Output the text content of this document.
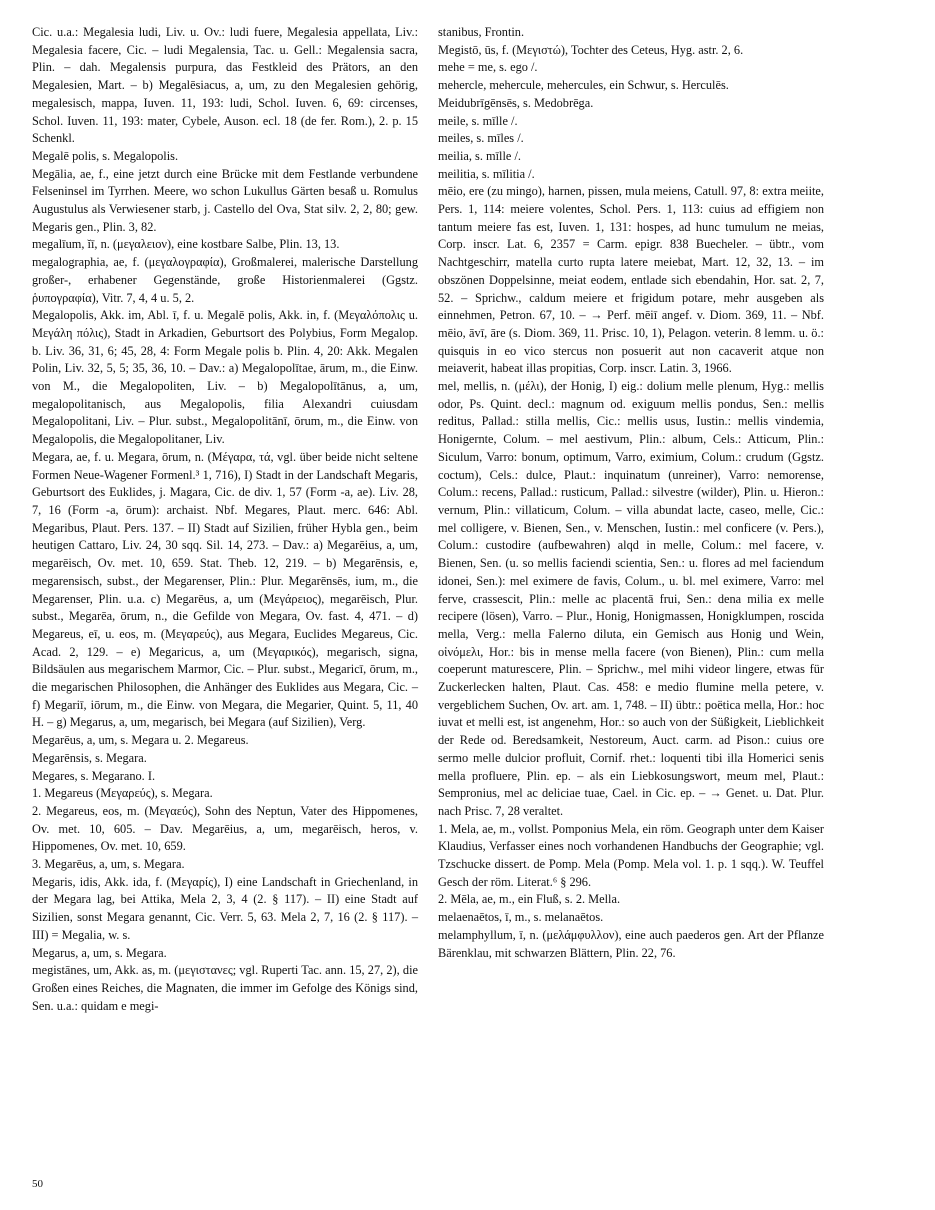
Cic. u.a.: Megalesia ludi, Liv. u. Ov.: ludi fuere, Megalesia appellata, Liv.: Megalesia facere, Cic. – ludi Megalensia, Tac. u. Gell.: Megalensia sacra, Plin. – dah. Megalensis purpura, das Festkleid des Prätors, an den Megalesien, Mart. – b) Megalēsiacus, a, um, zu den Megalesien gehörig, megalesisch, mappa, Iuven. 11, 193: ludi, Schol. Iuven. 6, 69: circenses, Schol. Iuven. 11, 193: mater, Cybele, Auson. ecl. 18 (de fer. Rom.), 2. p. 15 Schenkl.

Megalē polis, s. Megalopolis.

Megālia, ae, f., eine jetzt durch eine Brücke mit dem Festlande verbundene Felseninsel im Tyrrhen. Meere, wo schon Lukullus Gärten besaß u. Romulus Augustulus als Verwiesener starb, j. Castello del Ova, Stat silv. 2, 2, 80; gew. Megaris gen., Plin. 3, 82.

megalīum, ĭī, n. (μεγαλειον), eine kostbare Salbe, Plin. 13, 13.

megalographia, ae, f. (μεγαλογραφία), Großmalerei, malerische Darstellung großer-, erhabener Gegenstände, große Historienmalerei (Ggstz. ῥυπογραφία), Vitr. 7, 4, 4 u. 5, 2.

Megalopolis, Akk. im, Abl. ī, f. u. Megalē polis, Akk. in, f. (Μεγαλόπολις u. Μεγάλη πόλις), Stadt in Arkadien, Geburtsort des Polybius, Form Megalop. b. Liv. 36, 31, 6; 45, 28, 4: Form Megale polis b. Plin. 4, 20: Akk. Megalen Polin, Liv. 32, 5, 5; 35, 36, 10. – Dav.: a) Megalopolītae, ārum, m., die Einw. von M., die Megalopoliten, Liv. – b) Megalopolītānus, a, um, megalopolitanisch, aus Megalopolis, filia Alexandri cuiusdam Megalopolitani, Liv. – Plur. subst., Megalopolitānī, ōrum, m., die Einw. von Megalopolis, die Megalopolitaner, Liv.

Megara, ae, f. u. Megara, ōrum, n. (Μέγαρα, τά, vgl. über beide nicht seltene Formen Neue-Wagener Formenl.³ 1, 716), I) Stadt in der Landschaft Megaris, Geburtsort des Euklides, j. Magara, Cic. de div. 1, 57 (Form -a, ae). Liv. 28, 7, 16 (Form -a, ōrum): archaist. Nbf. Megares, Plaut. merc. 646: Abl. Megaribus, Plaut. Pers. 137. – II) Stadt auf Sizilien, früher Hybla gen., beim heutigen Cattaro, Liv. 24, 30 sqq. Sil. 14, 273. – Dav.: a) Megarēius, a, um, megarēisch, Ov. met. 10, 659. Stat. Theb. 12, 219. – b) Megarēnsis, e, megarensisch, subst., der Megarenser, Plin.: Plur. Megarēnsēs, ium, m., die Megarenser, Plin. u.a. c) Megarēus, a, um (Μεγάρειος), megarēisch, Plur. subst., Megarēa, ōrum, n., die Gefilde von Megara, Ov. fast. 4, 471. – d) Megareus, eī, u. eos, m. (Μεγαρεύς), aus Megara, Euclides Megareus, Cic. Acad. 2, 129. – e) Megaricus, a, um (Μεγαρικός), megarisch, signa, Bildsäulen aus megarischem Marmor, Cic. – Plur. subst., Megaricī, ōrum, m., die megarischen Philosophen, die Anhänger des Euklides aus Megara, Cic. – f) Megariī, iōrum, m., die Einw. von Megara, die Megarier, Quint. 5, 11, 40 H. – g) Megarus, a, um, megarisch, bei Megara (auf Sizilien), Verg.

Megarēus, a, um, s. Megara u. 2. Megareus.

Megarēnsis, s. Megara.

Megares, s. Megarano. I.

1. Megareus (Μεγαρεύς), s. Megara.

2. Megareus, eos, m. (Μεγαεύς), Sohn des Neptun, Vater des Hippomenes, Ov. met. 10, 605. – Dav. Megarēius, a, um, megarēisch, heros, v. Hippomenes, Ov. met. 10, 659.

3. Megarēus, a, um, s. Megara.

Megaris, idis, Akk. ida, f. (Μεγαρίς), I) eine Landschaft in Griechenland, in der Megara lag, bei Attika, Mela 2, 3, 4 (2. § 117). – II) eine Stadt auf Sizilien, sonst Megara genannt, Cic. Verr. 5, 63. Mela 2, 7, 16 (2. § 117). – III) = Megalia, w. s.

Megarus, a, um, s. Megara.

megistānes, um, Akk. as, m. (μεγιστανες; vgl. Ruperti Tac. ann. 15, 27, 2), die Großen eines Reiches, die Magnaten, die immer im Gefolge des Königs sind, Sen. u.a.: quidam e megi-

stanibus, Frontin.

Megistō, ūs, f. (Μεγιστώ), Tochter des Ceteus, Hyg. astr. 2, 6.

mehe = me, s. ego /.

mehercle, mehercule, mehercules, ein Schwur, s. Herculēs.

Meidubrīgēnsēs, s. Medobrēga.

meile, s. mīlle /.

meiles, s. mīles /.

meilia, s. mīlle /.

meilitia, s. mīlitia /.

mēio, ere (zu mingo), harnen, pissen, mula meiens, Catull. 97, 8: extra meiite, Pers. 1, 114: meiere volentes, Schol. Pers. 1, 113: cuius ad effigiem non tantum meiere fas est, Iuven. 1, 131: hospes, ad hunc tumulum ne meias, Corp. inscr. Lat. 6, 2357 = Carm. epigr. 838 Buecheler. – übtr., vom Nachtgeschirr, matella curto rupta latere meiebat, Mart. 12, 32, 13. – im obszönen Doppelsinne, meiat eodem, entlade sich ebendahin, Hor. sat. 2, 7, 52. – Sprichw., caldum meiere et frigidum potare, mehr ausgeben als einnehmen, Petron. 67, 10. – → Perf. mēiī angef. v. Diom. 369, 11. – Nbf. mēio, āvī, āre (s. Diom. 369, 11. Prisc. 10, 1), Pelagon. veterin. 8 lemm. u. ö.: quisquis in eo vico stercus non posuerit aut non cacaverit atque non meiaverit, habeat illas propitias, Corp. inscr. Latin. 3, 1966.

mel, mellis, n. (μέλι), der Honig, I) eig.: dolium melle plenum, Hyg.: mellis odor, Ps. Quint. decl.: magnum od. exiguum mellis pondus, Sen.: mellis reditus, Pallad.: stilla mellis, Cic.: mellis usus, Iustin.: mellis vindemia, Honigernte, Colum. – mel aestivum, Plin.: album, Cels.: Atticum, Plin.: Siculum, Varro: bonum, optimum, Varro, eximium, Colum.: crudum (Ggstz. coctum), Cels.: dulce, Plaut.: inquinatum (unreiner), Varro: nemorense, Colum.: recens, Pallad.: rusticum, Pallad.: silvestre (wilder), Plin. u. Hieron.: vernum, Plin.: villaticum, Colum. – villa abundat lacte, caseo, melle, Cic.: mel colligere, v. Bienen, Sen., v. Menschen, Iustin.: mel conficere (v. Pers.), Colum.: custodire (aufbewahren) alqd in melle, Colum.: mel facere, v. Bienen, Sen. (u. so mellis faciendi scientia, Sen.: u. flores ad mel faciendum idonei, Sen.): mel eximere de favis, Colum., u. bl. mel eximere, Varro: mel ferve, crassescit, Plin.: melle ac placentā frui, Sen.: dena milia ex melle recipere (lösen), Varro. – Plur., Honig, Honigmassen, Honigklumpen, roscida mella, Verg.: mella Falerno diluta, ein Gemisch aus Honig und Wein, οἰνόμελι, Hor.: bis in mense mella facere (von Bienen), Plin.: cum mella coeperunt maturescere, Plin. – Sprichw., mel mihi videor lingere, etwas für Zuckerlecken halten, Plaut. Cas. 458: e medio flumine mella petere, v. vergeblichem Suchen, Ov. art. am. 1, 748. – II) übtr.: poëtica mella, Hor.: hoc iuvat et melli est, ist angenehm, Hor.: so auch von der Süßigkeit, Lieblichkeit der Rede od. Beredsamkeit, Nestoreum, Auct. carm. ad Pison.: cuius ore sermo melle dulcior profluit, Cornif. rhet.: loquenti tibi illa Homerici senis mella profluere, Plin. ep. – als ein Liebkosungswort, meum mel, Plaut.: Sempronius, mel ac deliciae tuae, Cael. in Cic. ep. – → Genet. u. Dat. Plur. nach Prisc. 7, 28 veraltet.

1. Mela, ae, m., vollst. Pomponius Mela, ein röm. Geograph unter dem Kaiser Klaudius, Verfasser eines noch vorhandenen Handbuchs der Geographie; vgl. Tzschucke dissert. de Pomp. Mela (Pomp. Mela vol. 1. p. 1 sqq.). W. Teuffel Gesch der röm. Literat.⁶ § 296.

2. Mēla, ae, m., ein Fluß, s. 2. Mella.

melaenaētos, ī, m., s. melanaētos.

melamphyllum, ī, n. (μελάμφυλλον), eine auch paederos gen. Art der Pflanze Bärenklau, mit schwarzen Blättern, Plin. 22, 76.

50
